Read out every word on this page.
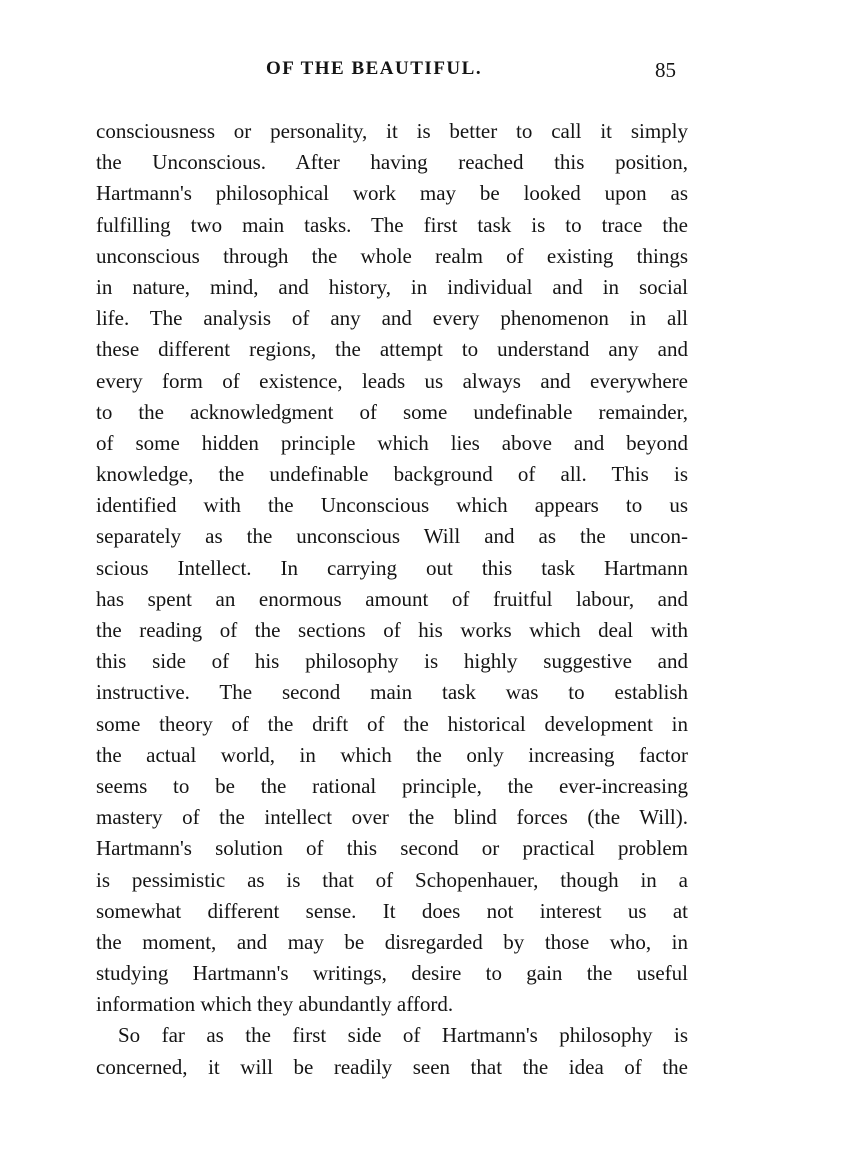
OF THE BEAUTIFUL.	85
consciousness or personality, it is better to call it simply
the Unconscious. After having reached this position,
Hartmann's philosophical work may be looked upon as
fulfilling two main tasks. The first task is to trace the
unconscious through the whole realm of existing things
in nature, mind, and history, in individual and in social
life. The analysis of any and every phenomenon in all
these different regions, the attempt to understand any and
every form of existence, leads us always and everywhere
to the acknowledgment of some undefinable remainder,
of some hidden principle which lies above and beyond
knowledge, the undefinable background of all. This is
identified with the Unconscious which appears to us
separately as the unconscious Will and as the uncon-
scious Intellect. In carrying out this task Hartmann
has spent an enormous amount of fruitful labour, and
the reading of the sections of his works which deal with
this side of his philosophy is highly suggestive and
instructive. The second main task was to establish
some theory of the drift of the historical development in
the actual world, in which the only increasing factor
seems to be the rational principle, the ever-increasing
mastery of the intellect over the blind forces (the Will).
Hartmann's solution of this second or practical problem
is pessimistic as is that of Schopenhauer, though in a
somewhat different sense. It does not interest us at
the moment, and may be disregarded by those who, in
studying Hartmann's writings, desire to gain the useful
information which they abundantly afford.
So far as the first side of Hartmann's philosophy is
concerned, it will be readily seen that the idea of the
